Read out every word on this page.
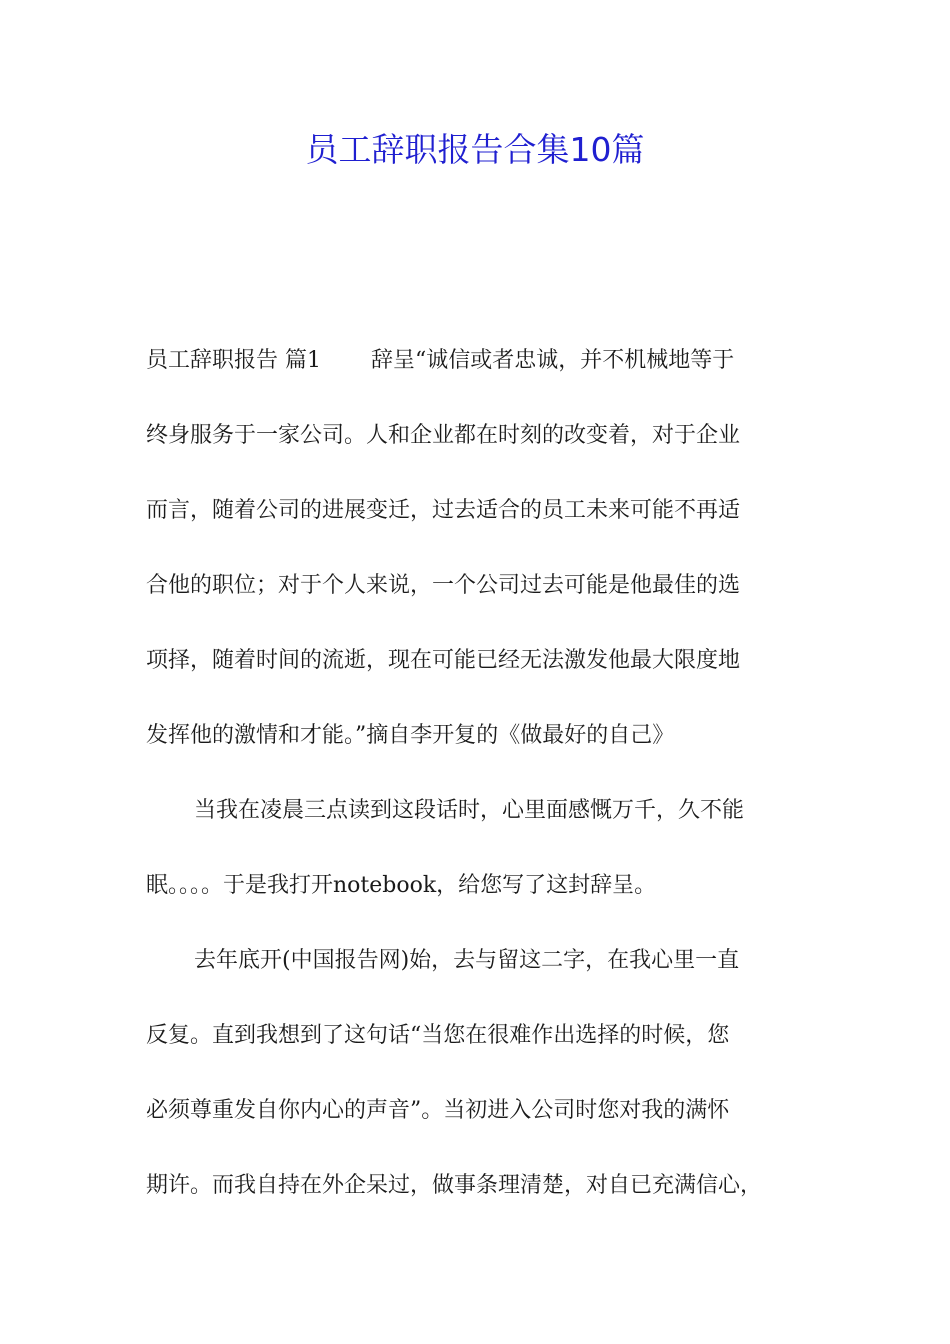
员工辞职报告合集10篇
员工辞职报告 篇1 辞呈“诚信或者忠诚，并不机械地等于
终身服务于一家公司。人和企业都在时刻的改变着，对于企业
而言，随着公司的进展变迁，过去适合的员工未来可能不再适
合他的职位；对于个人来说，一个公司过去可能是他最佳的选
项择，随着时间的流逝，现在可能已经无法激发他最大限度地
发挥他的激情和才能。”摘自李开复的《做最好的自己》
当我在凌晨三点读到这段话时，心里面感慨万千，久不能
眠。。。。于是我打开notebook，给您写了这封辞呈。
去年底开(中国报告网)始，去与留这二字，在我心里一直
反复。直到我想到了这句话“当您在很难作出选择的时候，您
必须尊重发自你内心的声音”。当初进入公司时您对我的满怀
期许。而我自持在外企呆过，做事条理清楚，对自已充满信心，
